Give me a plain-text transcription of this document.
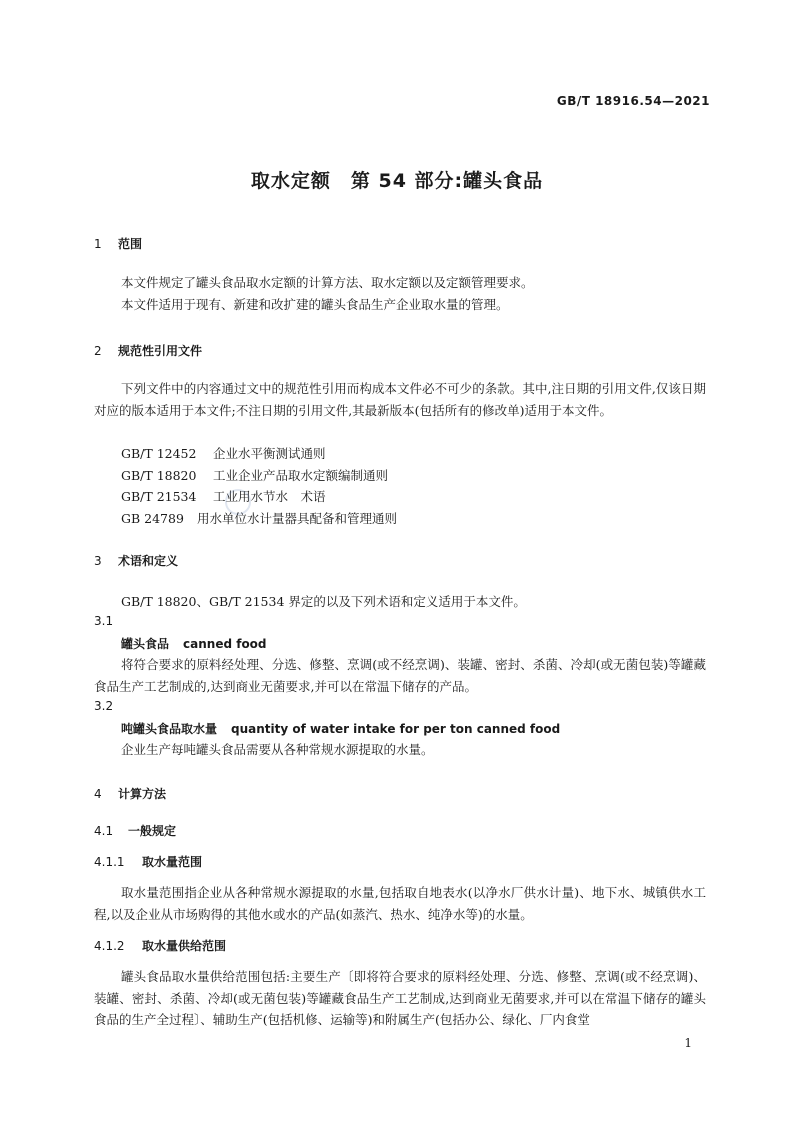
GB/T 18916.54—2021
取水定额　第 54 部分:罐头食品
1 范围
本文件规定了罐头食品取水定额的计算方法、取水定额以及定额管理要求。
本文件适用于现有、新建和改扩建的罐头食品生产企业取水量的管理。
2 规范性引用文件
下列文件中的内容通过文中的规范性引用而构成本文件必不可少的条款。其中,注日期的引用文件,仅该日期对应的版本适用于本文件;不注日期的引用文件,其最新版本(包括所有的修改单)适用于本文件。
GB/T 12452 企业水平衡测试通则
GB/T 18820 工业企业产品取水定额编制通则
GB/T 21534 工业用水节水　术语
GB 24789 用水单位水计量器具配备和管理通则
3 术语和定义
GB/T 18820、GB/T 21534 界定的以及下列术语和定义适用于本文件。
3.1
罐头食品 canned food
将符合要求的原料经处理、分选、修整、烹调(或不经烹调)、装罐、密封、杀菌、冷却(或无菌包装)等罐藏食品生产工艺制成的,达到商业无菌要求,并可以在常温下储存的产品。
3.2
吨罐头食品取水量 quantity of water intake for per ton canned food
企业生产每吨罐头食品需要从各种常规水源提取的水量。
4 计算方法
4.1 一般规定
4.1.1 取水量范围
取水量范围指企业从各种常规水源提取的水量,包括取自地表水(以净水厂供水计量)、地下水、城镇供水工程,以及企业从市场购得的其他水或水的产品(如蒸汽、热水、纯净水等)的水量。
4.1.2 取水量供给范围
罐头食品取水量供给范围包括:主要生产〔即将符合要求的原料经处理、分选、修整、烹调(或不经烹调)、装罐、密封、杀菌、冷却(或无菌包装)等罐藏食品生产工艺制成,达到商业无菌要求,并可以在常温下储存的罐头食品的生产全过程〕、辅助生产(包括机修、运输等)和附属生产(包括办公、绿化、厂内食堂
1
